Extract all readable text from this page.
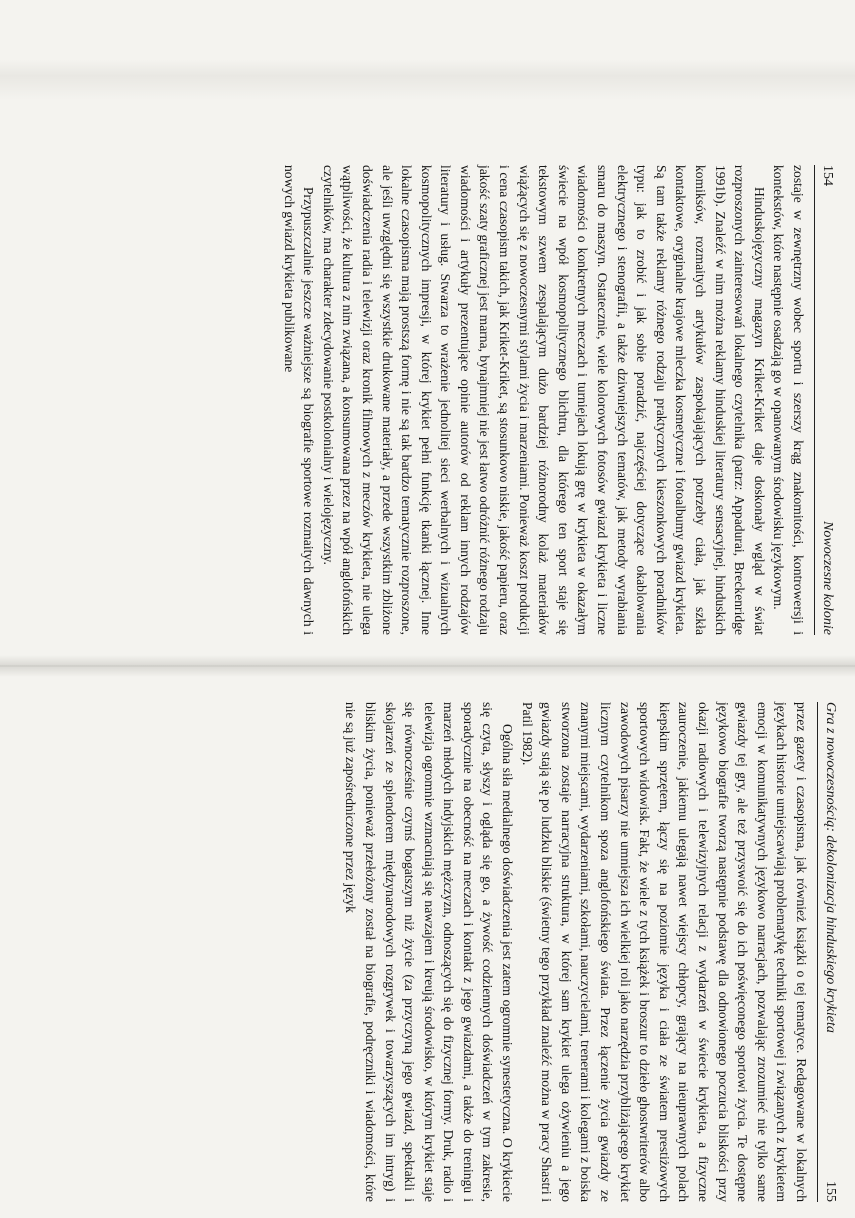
154
Nowoczesne kolonie

zostaje w zewnętrzny wobec sportu i szerszy krąg znakomitości, kontrowersji i kontekstów, które następnie osadzają go w opanowanym środowisku językowym.

Hinduskojęzyczny magazyn Kriket-Kriket daje doskonały wgląd w świat rozproszonych zainteresowań lokalnego czytelnika (patrz: Appadurai, Breckenridge 1991b). Znaleźć w nim można reklamy hinduskiej literatury sensacyjnej, hinduskich komiksów, rozmaitych artykułów zaspokajających potrzeby ciała, jak szkła kontaktowe, oryginalne krajowe mleczka kosmetyczne i fotoalbumy gwiazd krykieta. Są tam także reklamy różnego rodzaju praktycznych kieszonkowych poradników typu: jak to zrobić i jak sobie poradzić, najczęściej dotyczące okablowania elektrycznego i stenografii, a także dziwniejszych tematów, jak metody wyrabiania smaru do maszyn. Ostatecznie, wiele kolorowych fotosów gwiazd krykieta i liczne wiadomości o konkretnych meczach i turniejach lokują grę w krykieta w okazałym świecie na wpół kosmopolitycznego blichtru, dla którego ten sport staje się tekstowym szwem zespalającym dużo bardziej różnorodny kolaż materiałów wiążących się z nowoczesnymi stylami życia i marzeniami. Ponieważ koszt produkcji i cena czasopism takich, jak Kriket-Kriket, są stosunkowo niskie, jakość papieru, oraz jakość szaty graficznej jest marna, bynajmniej nie jest łatwo odróżnić różnego rodzaju wiadomości i artykuły prezentujące opinie autorów od reklam innych rodzajów literatury i usług. Stwarza to wrażenie jednolitej sieci werbalnych i wizualnych kosmopolitycznych impresji, w której krykiet pełni funkcję tkanki łącznej. Inne lokalne czasopisma mają prostszą formę i nie są tak bardzo tematycznie rozproszone, ale jeśli uwzględni się wszystkie drukowane materiały, a przede wszystkim zbliżone doświadczenia radia i telewizji oraz kronik filmowych z meczów krykieta, nie ulega wątpliwości, że kultura z nim związana, a konsumowana przez na wpół anglofońskich czytelników, ma charakter zdecydowanie postkolonialny i wielojęzyczny.

Przypuszczalnie jeszcze ważniejsze są biografie sportowe rozmaitych dawnych i nowych gwiazd krykieta publikowane

Gra z nowoczesnością: dekolonizacja hinduskiego krykieta
155

przez gazety i czasopisma, jak również książki o tej tematyce. Redagowane w lokalnych językach historie umiejscawiają problematykę techniki sportowej i związanych z krykietem emocji w komunikatywnych językowo narracjach, pozwalając zrozumieć nie tylko same gwiazdy tej gry, ale też przyswoić się do ich poświęconego sportowi życia. Te dostępne językowo biografie tworzą następnie podstawę dla odnowionego poczucia bliskości przy okazji radiowych i telewizyjnych relacji z wydarzeń w świecie krykieta, a fizyczne zauroczenie, jakiemu ulegają nawet wiejscy chłopcy, grający na nieuprawnych polach kiepskim sprzętem, łączy się na poziomie języka i ciała ze światem prestiżowych sportowych widowisk. Fakt, że wiele z tych książek i broszur to dzieło ghostwriterów albo zawodowych pisarzy nie umniejsza ich wielkiej roli jako narzędzia przybliżającego krykiet licznym czytelnikom spoza anglofońskiego świata. Przez łączenie życia gwiazdy ze znanymi miejscami, wydarzeniami, szkołami, nauczycielami, trenerami i kolegami z boiska stworzona zostaje narracyjna struktura, w której sam krykiet ulega ożywieniu a jego gwiazdy stają się po ludzku bliskie (świetny tego przykład znaleźć można w pracy Shastri i Patil 1982).

Ogólna siła medialnego doświadczenia jest zatem ogromnie synestetyczna. O krykiecie się czyta, słyszy i ogląda się go, a żywość codziennych doświadczeń w tym zakresie, sporadycznie na obecność na meczach i kontakt z jego gwiazdami, a także do treningu i marzeń młodych indyjskich mężczyzn, odnoszących się do fizycznej formy. Druk, radio i telewizja ogromnie wzmacniają się nawzajem i kreują środowisko, w którym krykiet staje się równocześnie czymś bogatszym niż życie (za przyczyną jego gwiazd, spektakli i skojarzeń ze splendorem międzynarodowych rozgrywek i towarzyszących im intryg) i bliskim życia, ponieważ przełożony został na biografie, podręczniki i wiadomości, które nie są już zapośredniczone przez język
